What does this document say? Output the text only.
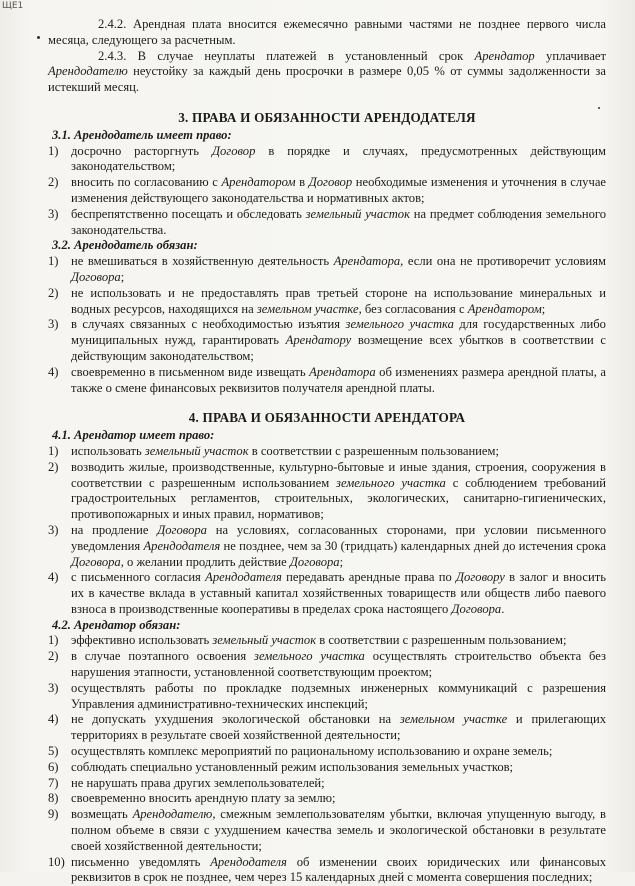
ЩЕ1

2.4.2. Арендная плата вносится ежемесячно равными частями не позднее первого числа месяца, следующего за расчетным.

2.4.3. В случае неуплаты платежей в установленный срок Арендатор уплачивает Арендодателю неустойку за каждый день просрочки в размере 0,05 % от суммы задолженности за истекший месяц.

3. ПРАВА И ОБЯЗАННОСТИ АРЕНДОДАТЕЛЯ
3.1. Арендодатель имеет право:
1) досрочно расторгнуть Договор в порядке и случаях, предусмотренных действующим законодательством;
2) вносить по согласованию с Арендатором в Договор необходимые изменения и уточнения в случае изменения действующего законодательства и нормативных актов;
3) беспрепятственно посещать и обследовать земельный участок на предмет соблюдения земельного законодательства.
3.2. Арендодатель обязан:
1) не вмешиваться в хозяйственную деятельность Арендатора, если она не противоречит условиям Договора;
2) не использовать и не предоставлять прав третьей стороне на использование минеральных и водных ресурсов, находящихся на земельном участке, без согласования с Арендатором;
3) в случаях связанных с необходимостью изъятия земельного участка для государственных либо муниципальных нужд, гарантировать Арендатору возмещение всех убытков в соответствии с действующим законодательством;
4) своевременно в письменном виде извещать Арендатора об изменениях размера арендной платы, а также о смене финансовых реквизитов получателя арендной платы.
4. ПРАВА И ОБЯЗАННОСТИ АРЕНДАТОРА
4.1. Арендатор имеет право:
1) использовать земельный участок в соответствии с разрешенным пользованием;
2) возводить жилые, производственные, культурно-бытовые и иные здания, строения, сооружения в соответствии с разрешенным использованием земельного участка с соблюдением требований градостроительных регламентов, строительных, экологических, санитарно-гигиенических, противопожарных и иных правил, нормативов;
3) на продление Договора на условиях, согласованных сторонами, при условии письменного уведомления Арендодателя не позднее, чем за 30 (тридцать) календарных дней до истечения срока Договора, о желании продлить действие Договора;
4) с письменного согласия Арендодателя передавать арендные права по Договору в залог и вносить их в качестве вклада в уставный капитал хозяйственных товариществ или обществ либо паевого взноса в производственные кооперативы в пределах срока настоящего Договора.
4.2. Арендатор обязан:
1) эффективно использовать земельный участок в соответствии с разрешенным пользованием;
2) в случае поэтапного освоения земельного участка осуществлять строительство объекта без нарушения этапности, установленной соответствующим проектом;
3) осуществлять работы по прокладке подземных инженерных коммуникаций с разрешения Управления административно-технических инспекций;
4) не допускать ухудшения экологической обстановки на земельном участке и прилегающих территориях в результате своей хозяйственной деятельности;
5) осуществлять комплекс мероприятий по рациональному использованию и охране земель;
6) соблюдать специально установленный режим использования земельных участков;
7) не нарушать права других землепользователей;
8) своевременно вносить арендную плату за землю;
9) возмещать Арендодателю, смежным землепользователям убытки, включая упущенную выгоду, в полном объеме в связи с ухудшением качества земель и экологической обстановки в результате своей хозяйственной деятельности;
10) письменно уведомлять Арендодателя об изменении своих юридических или финансовых реквизитов в срок не позднее, чем через 15 календарных дней с момента совершения последних;
